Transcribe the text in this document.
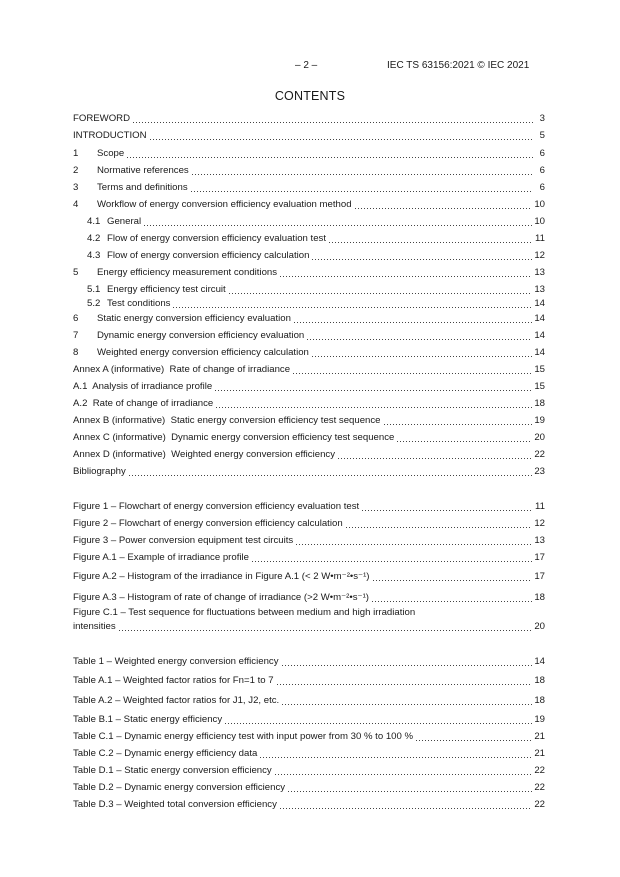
– 2 –	IEC TS 63156:2021 © IEC 2021
CONTENTS
FOREWORD	3
INTRODUCTION	5
1	Scope	6
2	Normative references	6
3	Terms and definitions	6
4	Workflow of energy conversion efficiency evaluation method	10
4.1 General	10
4.2 Flow of energy conversion efficiency evaluation test	11
4.3 Flow of energy conversion efficiency calculation	12
5	Energy efficiency measurement conditions	13
5.1 Energy efficiency test circuit	13
5.2 Test conditions	14
6	Static energy conversion efficiency evaluation	14
7	Dynamic energy conversion efficiency evaluation	14
8	Weighted energy conversion efficiency calculation	14
Annex A (informative)  Rate of change of irradiance	15
A.1  Analysis of irradiance profile	15
A.2  Rate of change of irradiance	18
Annex B (informative)  Static energy conversion efficiency test sequence	19
Annex C (informative)  Dynamic energy conversion efficiency test sequence	20
Annex D (informative)  Weighted energy conversion efficiency	22
Bibliography	23
Figure 1 – Flowchart of energy conversion efficiency evaluation test	11
Figure 2 – Flowchart of energy conversion efficiency calculation	12
Figure 3 – Power conversion equipment test circuits	13
Figure A.1 – Example of irradiance profile	17
Figure A.2 – Histogram of the irradiance in Figure A.1 (< 2 W•m⁻²•s⁻¹)	17
Figure A.3 – Histogram of rate of change of irradiance (>2 W•m⁻²•s⁻¹)	18
Figure C.1 – Test sequence for fluctuations between medium and high irradiation
intensities	20
Table 1 – Weighted energy conversion efficiency	14
Table A.1 – Weighted factor ratios for Fn=1 to 7	18
Table A.2 – Weighted factor ratios for J1, J2, etc.	18
Table B.1 – Static energy efficiency	19
Table C.1 – Dynamic energy efficiency test with input power from 30 % to 100 %	21
Table C.2 – Dynamic energy efficiency data	21
Table D.1 – Static energy conversion efficiency	22
Table D.2 – Dynamic energy conversion efficiency	22
Table D.3 – Weighted total conversion efficiency	22
